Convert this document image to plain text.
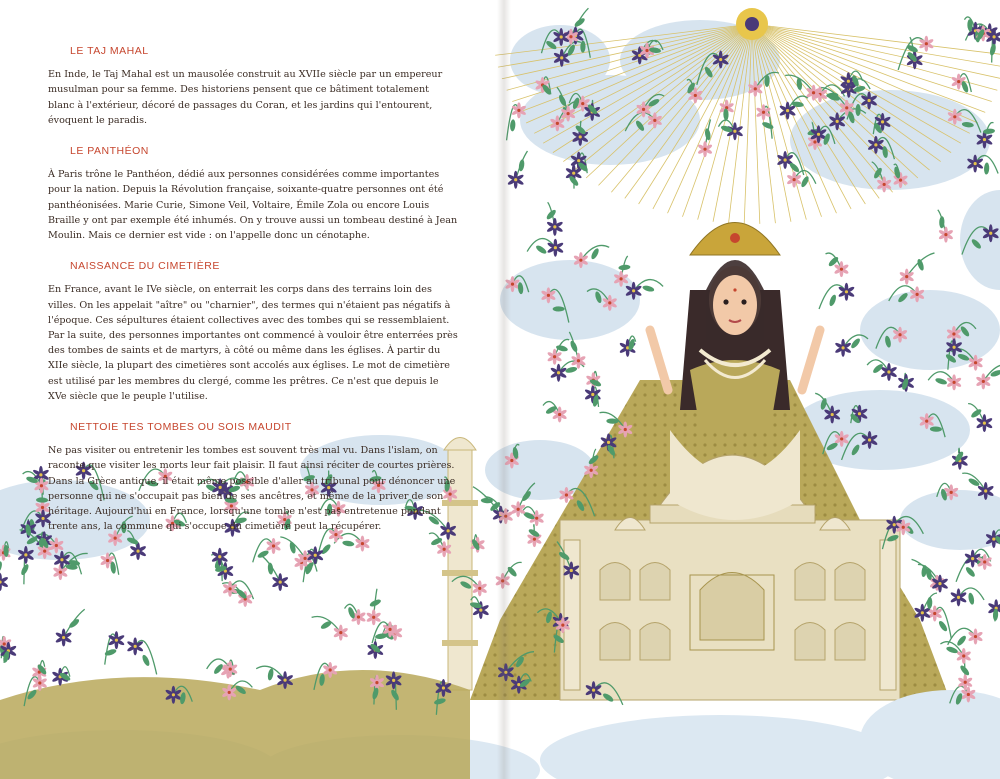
LE TAJ MAHAL

En Inde, le Taj Mahal est un mausolée construit au XVIIe siècle par un empereur musulman pour sa femme. Des historiens pensent que ce bâtiment totalement blanc à l'extérieur, décoré de passages du Coran, et les jardins qui l'entourent, évoquent le paradis.

LE PANTHÉON

À Paris trône le Panthéon, dédié aux personnes considérées comme importantes pour la nation. Depuis la Révolution française, soixante-quatre personnes ont été panthéonisées. Marie Curie, Simone Veil, Voltaire, Émile Zola ou encore Louis Braille y ont par exemple été inhumés. On y trouve aussi un tombeau destiné à Jean Moulin. Mais ce dernier est vide : on l'appelle donc un cénotaphe.

NAISSANCE DU CIMETIÈRE

En France, avant le IVe siècle, on enterrait les corps dans des terrains loin des villes. On les appelait "aître" ou "charnier", des termes qui n'étaient pas négatifs à l'époque. Ces sépultures étaient collectives avec des tombes qui se ressemblaient. Par la suite, des personnes importantes ont commencé à vouloir être enterrées près des tombes de saints et de martyrs, à côté ou même dans les églises. À partir du XIIe siècle, la plupart des cimetières sont accolés aux églises. Le mot de cimetière est utilisé par les membres du clergé, comme les prêtres. Ce n'est que depuis le XVe siècle que le peuple l'utilise.

NETTOIE TES TOMBES OU SOIS MAUDIT

Ne pas visiter ou entretenir les tombes est souvent très mal vu. Dans l'islam, on raconte que visiter les morts leur fait plaisir. Il faut ainsi réciter de courtes prières. Dans la Grèce antique, il était même possible d'aller au tribunal pour dénoncer une personne qui ne s'occupait pas bien de ses ancêtres, et même de la priver de son héritage. Aujourd'hui en France, lorsqu'une tombe n'est pas entretenue pendant trente ans, la commune qui s'occupe du cimetière peut la récupérer.
